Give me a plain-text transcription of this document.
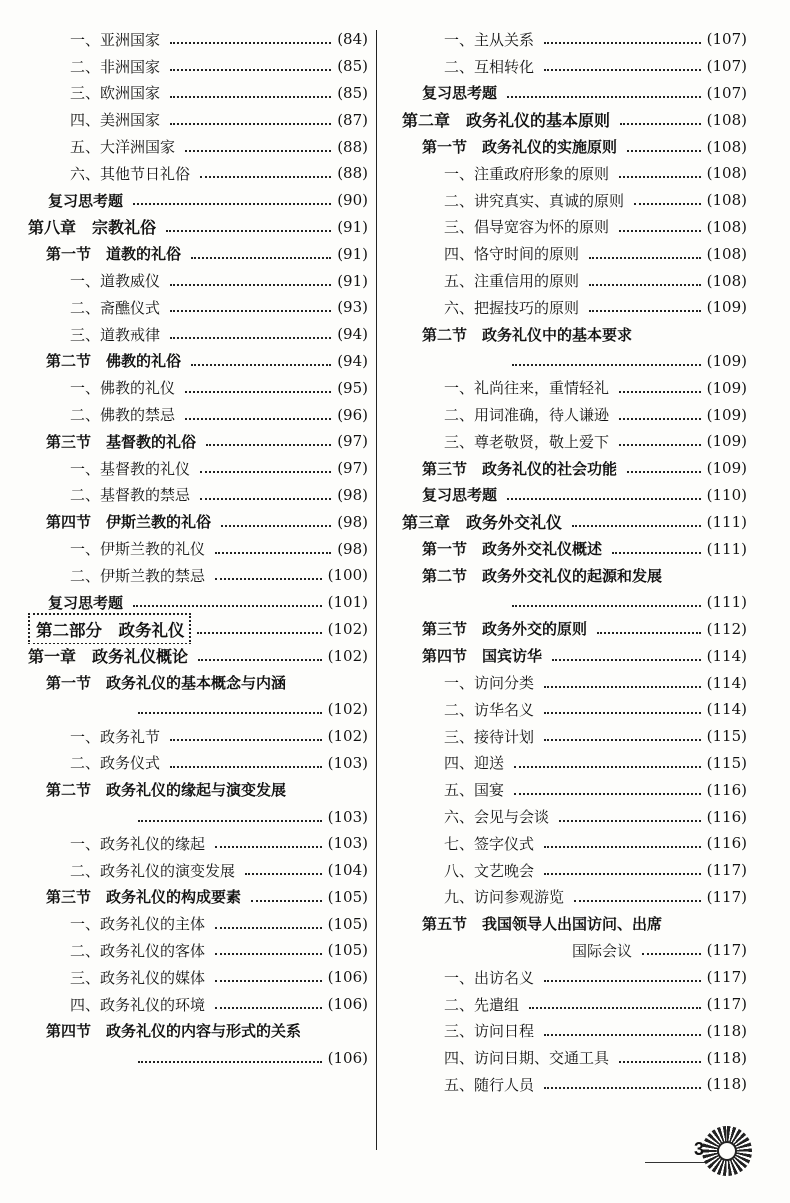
一、亚洲国家	(84)
二、非洲国家	(85)
三、欧洲国家	(85)
四、美洲国家	(87)
五、大洋洲国家	(88)
六、其他节日礼俗	(88)
复习思考题	(90)
第八章　宗教礼俗	(91)
第一节　道教的礼俗	(91)
一、道教威仪	(91)
二、斋醮仪式	(93)
三、道教戒律	(94)
第二节　佛教的礼俗	(94)
一、佛教的礼仪	(95)
二、佛教的禁忌	(96)
第三节　基督教的礼俗	(97)
一、基督教的礼仪	(97)
二、基督教的禁忌	(98)
第四节　伊斯兰教的礼俗	(98)
一、伊斯兰教的礼仪	(98)
二、伊斯兰教的禁忌	(100)
复习思考题	(101)
第二部分　政务礼仪	(102)
第一章　政务礼仪概论	(102)
第一节　政务礼仪的基本概念与内涵
(102)
一、政务礼节	(102)
二、政务仪式	(103)
第二节　政务礼仪的缘起与演变发展
(103)
一、政务礼仪的缘起	(103)
二、政务礼仪的演变发展	(104)
第三节　政务礼仪的构成要素	(105)
一、政务礼仪的主体	(105)
二、政务礼仪的客体	(105)
三、政务礼仪的媒体	(106)
四、政务礼仪的环境	(106)
第四节　政务礼仪的内容与形式的关系
(106)
一、主从关系	(107)
二、互相转化	(107)
复习思考题	(107)
第二章　政务礼仪的基本原则	(108)
第一节　政务礼仪的实施原则	(108)
一、注重政府形象的原则	(108)
二、讲究真实、真诚的原则	(108)
三、倡导宽容为怀的原则	(108)
四、恪守时间的原则	(108)
五、注重信用的原则	(108)
六、把握技巧的原则	(109)
第二节　政务礼仪中的基本要求
(109)
一、礼尚往来，重情轻礼	(109)
二、用词准确，待人谦逊	(109)
三、尊老敬贤，敬上爱下	(109)
第三节　政务礼仪的社会功能	(109)
复习思考题	(110)
第三章　政务外交礼仪	(111)
第一节　政务外交礼仪概述	(111)
第二节　政务外交礼仪的起源和发展
(111)
第三节　政务外交的原则	(112)
第四节　国宾访华	(114)
一、访问分类	(114)
二、访华名义	(114)
三、接待计划	(115)
四、迎送	(115)
五、国宴	(116)
六、会见与会谈	(116)
七、签字仪式	(116)
八、文艺晚会	(117)
九、访问参观游览	(117)
第五节　我国领导人出国访问、出席
国际会议	(117)
一、出访名义	(117)
二、先遣组	(117)
三、访问日程	(118)
四、访问日期、交通工具	(118)
五、随行人员	(118)
3
